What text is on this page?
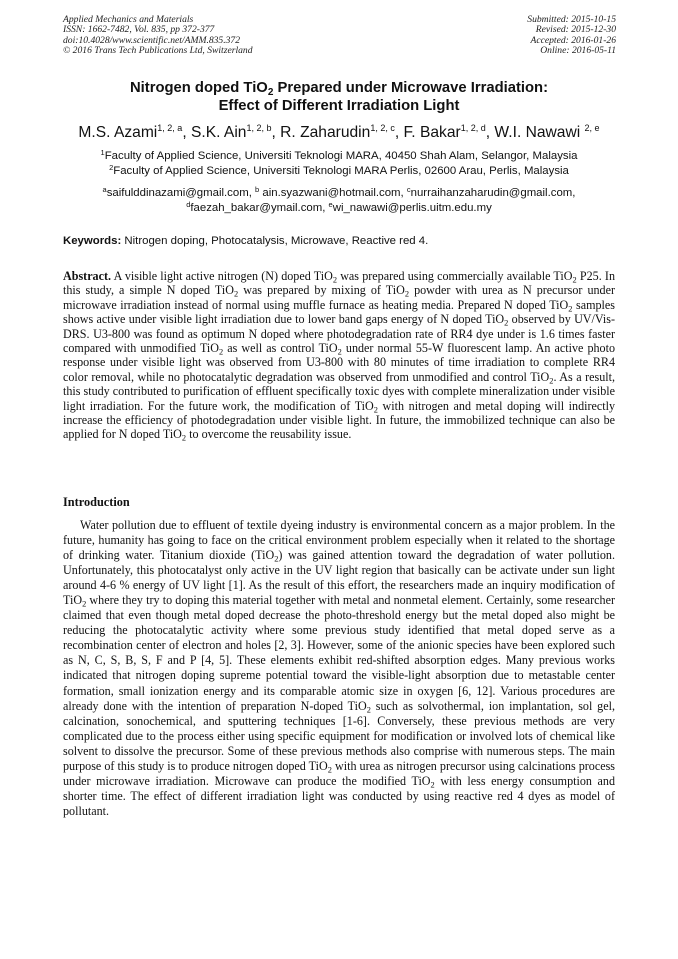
Applied Mechanics and Materials
ISSN: 1662-7482, Vol. 835, pp 372-377
doi:10.4028/www.scientific.net/AMM.835.372
© 2016 Trans Tech Publications Ltd, Switzerland
Submitted: 2015-10-15
Revised: 2015-12-30
Accepted: 2016-01-26
Online: 2016-05-11
Nitrogen doped TiO$_2$ Prepared under Microwave Irradiation:
Effect of Different Irradiation Light
M.S. Azami$^{1, 2, a}$, S.K. Ain$^{1, 2, b}$, R. Zaharudin$^{1, 2, c}$, F. Bakar$^{1, 2, d}$, W.I. Nawawi $^{2, e}$
$^1$Faculty of Applied Science, Universiti Teknologi MARA, 40450 Shah Alam, Selangor, Malaysia
$^2$Faculty of Applied Science, Universiti Teknologi MARA Perlis, 02600 Arau, Perlis, Malaysia
$^a$saifulddinazami@gmail.com, $^b$ ain.syazwani@hotmail.com, $^c$nurraihanzaharudin@gmail.com,
$^d$faezah_bakar@ymail.com, $^e$wi_nawawi@perlis.uitm.edu.my
Keywords: Nitrogen doping, Photocatalysis, Microwave, Reactive red 4.
Abstract. A visible light active nitrogen (N) doped TiO$_2$ was prepared using commercially available TiO$_2$ P25. In this study, a simple N doped TiO$_2$ was prepared by mixing of TiO$_2$ powder with urea as N precursor under microwave irradiation instead of normal using muffle furnace as heating media. Prepared N doped TiO$_2$ samples shows active under visible light irradiation due to lower band gaps energy of N doped TiO$_2$ observed by UV/Vis-DRS. U3-800 was found as optimum N doped where photodegradation rate of RR4 dye under is 1.6 times faster compared with unmodified TiO$_2$ as well as control TiO$_2$ under normal 55-W fluorescent lamp. An active photo response under visible light was observed from U3-800 with 80 minutes of time irradiation to complete RR4 color removal, while no photocatalytic degradation was observed from unmodified and control TiO$_2$. As a result, this study contributed to purification of effluent specifically toxic dyes with complete mineralization under visible light irradiation. For the future work, the modification of TiO$_2$ with nitrogen and metal doping will indirectly increase the efficiency of photodegradation under visible light. In future, the immobilized technique can also be applied for N doped TiO$_2$ to overcome the reusability issue.
Introduction
Water pollution due to effluent of textile dyeing industry is environmental concern as a major problem. In the future, humanity has going to face on the critical environment problem especially when it related to the shortage of drinking water. Titanium dioxide (TiO$_2$) was gained attention toward the degradation of water pollution. Unfortunately, this photocatalyst only active in the UV light region that basically can be activate under sun light around 4-6 % energy of UV light [1]. As the result of this effort, the researchers made an inquiry modification of TiO$_2$ where they try to doping this material together with metal and nonmetal element. Certainly, some researcher claimed that even though metal doped decrease the photo-threshold energy but the metal doped also might be reducing the photocatalytic activity where some previous study identified that metal doped serve as a recombination center of electron and holes [2, 3]. However, some of the anionic species have been explored such as N, C, S, B, S, F and P [4, 5]. These elements exhibit red-shifted absorption edges. Many previous works indicated that nitrogen doping supreme potential toward the visible-light absorption due to metastable center formation, small ionization energy and its comparable atomic size in oxygen [6, 12]. Various procedures are already done with the intention of preparation N-doped TiO$_2$ such as solvothermal, ion implantation, sol gel, calcination, sonochemical, and sputtering techniques [1-6]. Conversely, these previous methods are very complicated due to the process either using specific equipment for modification or involved lots of chemical like solvent to dissolve the precursor. Some of these previous methods also comprise with numerous steps. The main purpose of this study is to produce nitrogen doped TiO$_2$ with urea as nitrogen precursor using calcinations process under microwave irradiation. Microwave can produce the modified TiO$_2$ with less energy consumption and shorter time. The effect of different irradiation light was conducted by using reactive red 4 dyes as model of pollutant.
